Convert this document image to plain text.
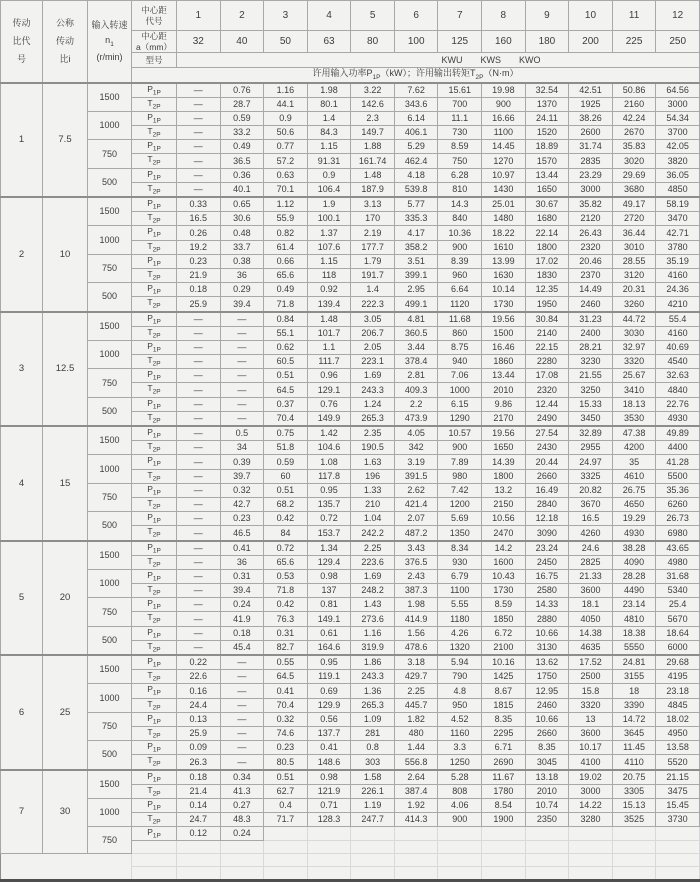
传动
比代
号

公称
传动
比i

输入转速
$n_1$
(r/min)

中心距
代号	1	2	3	4	5	6	7	8	9	10	11	12

			中心距
a（mm）	32	40	50	63	80	100	125	160	180	200	225	250
			型号	KWU　　KWS　　KWO											
			许用输入功率$P_{1P}(kW)$；许用输出转矩$T_{2P}(N\cdot m)$												
1	7.5	1500	$P_{1P}$	—	0.76	1.16	1.98	3.22	7.62	15.61	19.98	32.54	42.51	50.86	64.56
			$T_{2P}$	—	28.7	44.1	80.1	142.6	343.6	700	900	1370	1925	2160	3000
		1000	$P_{1P}$	—	0.59	0.9	1.4	2.3	6.14	11.1	16.66	24.11	38.26	42.24	54.34
			$T_{2P}$	—	33.2	50.6	84.3	149.7	406.1	730	1100	1520	2600	2670	3700
		750	$P_{1P}$	—	0.49	0.77	1.15	1.88	5.29	8.59	14.45	18.89	31.74	35.83	42.05
			$T_{2P}$	—	36.5	57.2	91.31	161.74	462.4	750	1270	1570	2835	3020	3820
		500	$P_{1P}$	—	0.36	0.63	0.9	1.48	4.18	6.28	10.97	13.44	23.29	29.69	36.05
			$T_{2P}$	—	40.1	70.1	106.4	187.9	539.8	810	1430	1650	3000	3680	4850
2	10	1500	$P_{1P}$	0.33	0.65	1.12	1.9	3.13	5.77	14.3	25.01	30.67	35.82	49.17	58.19
			$T_{2P}$	16.5	30.6	55.9	100.1	170	335.3	840	1480	1680	2120	2720	3470
		1000	$P_{1P}$	0.26	0.48	0.82	1.37	2.19	4.17	10.36	18.22	22.14	26.43	36.44	42.71
			$T_{2P}$	19.2	33.7	61.4	107.6	177.7	358.2	900	1610	1800	2320	3010	3780
		750	$P_{1P}$	0.23	0.38	0.66	1.15	1.79	3.51	8.39	13.99	17.02	20.46	28.55	35.19
			$T_{2P}$	21.9	36	65.6	118	191.7	399.1	960	1630	1830	2370	3120	4160
		500	$P_{1P}$	0.18	0.29	0.49	0.92	1.4	2.95	6.64	10.14	12.35	14.49	20.31	24.36
			$T_{2P}$	25.9	39.4	71.8	139.4	222.3	499.1	1120	1730	1950	2460	3260	4210
3	12.5	1500	$P_{1P}$	—	—	0.84	1.48	3.05	4.81	11.68	19.56	30.84	31.23	44.72	55.4
			$T_{2P}$	—	—	55.1	101.7	206.7	360.5	860	1500	2140	2400	3030	4160
		1000	$P_{1P}$	—	—	0.62	1.1	2.05	3.44	8.75	16.46	22.15	28.21	32.97	40.69
			$T_{2P}$	—	—	60.5	111.7	223.1	378.4	940	1860	2280	3230	3320	4540
		750	$P_{1P}$	—	—	0.51	0.96	1.69	2.81	7.06	13.44	17.08	21.55	25.67	32.63
			$T_{2P}$	—	—	64.5	129.1	243.3	409.3	1000	2010	2320	3250	3410	4840
		500	$P_{1P}$	—	—	0.37	0.76	1.24	2.2	6.15	9.86	12.44	15.33	18.13	22.76
			$T_{2P}$	—	—	70.4	149.9	265.3	473.9	1290	2170	2490	3450	3530	4930
4	15	1500	$P_{1P}$	—	0.5	0.75	1.42	2.35	4.05	10.57	19.56	27.54	32.89	47.38	49.89
			$T_{2P}$	—	34	51.8	104.6	190.5	342	900	1650	2430	2955	4200	4400
		1000	$P_{1P}$	—	0.39	0.59	1.08	1.63	3.19	7.89	14.39	20.44	24.97	35	41.28
			$T_{2P}$	—	39.7	60	117.8	196	391.5	980	1800	2660	3325	4610	5500
		750	$P_{1P}$	—	0.32	0.51	0.95	1.33	2.62	7.42	13.2	16.49	20.82	26.75	35.36
			$T_{2P}$	—	42.7	68.2	135.7	210	421.4	1200	2150	2840	3670	4650	6260
		500	$P_{1P}$	—	0.23	0.42	0.72	1.04	2.07	5.69	10.56	12.18	16.5	19.29	26.73
			$T_{2P}$	—	46.5	84	153.7	242.2	487.2	1350	2470	3090	4260	4930	6980
5	20	1500	$P_{1P}$	—	0.41	0.72	1.34	2.25	3.43	8.34	14.2	23.24	24.6	38.28	43.65
			$T_{2P}$	—	36	65.6	129.4	223.6	376.5	930	1600	2450	2825	4090	4980
		1000	$P_{1P}$	—	0.31	0.53	0.98	1.69	2.43	6.79	10.43	16.75	21.33	28.28	31.68
			$T_{2P}$	—	39.4	71.8	137	248.2	387.3	1100	1730	2580	3600	4490	5340
		750	$P_{1P}$	—	0.24	0.42	0.81	1.43	1.98	5.55	8.59	14.33	18.1	23.14	25.4
			$T_{2P}$	—	41.9	76.3	149.1	273.6	414.9	1180	1850	2880	4050	4810	5670
		500	$P_{1P}$	—	0.18	0.31	0.61	1.16	1.56	4.26	6.72	10.66	14.38	18.38	18.64
			$T_{2P}$	—	45.4	82.7	164.6	319.9	478.6	1320	2100	3130	4635	5550	6000
6	25	1500	$P_{1P}$	0.22	—	0.55	0.95	1.86	3.18	5.94	10.16	13.62	17.52	24.81	29.68
			$T_{2P}$	22.6	—	64.5	119.1	243.3	429.7	790	1425	1750	2500	3155	4195
		1000	$P_{1P}$	0.16	—	0.41	0.69	1.36	2.25	4.8	8.67	12.95	15.8	18	23.18
			$T_{2P}$	24.4	—	70.4	129.9	265.3	445.7	950	1815	2460	3320	3390	4845
		750	$P_{1P}$	0.13	—	0.32	0.56	1.09	1.82	4.52	8.35	10.66	13	14.72	18.02
			$T_{2P}$	25.9	—	74.6	137.7	281	480	1160	2295	2660	3600	3645	4950
		500	$P_{1P}$	0.09	—	0.23	0.41	0.8	1.44	3.3	6.71	8.35	10.17	11.45	13.58
			$T_{2P}$	26.3	—	80.5	148.6	303	556.8	1250	2690	3045	4100	4110	5520
7	30	1500	$P_{1P}$	0.18	0.34	0.51	0.98	1.58	2.64	5.28	11.67	13.18	19.02	20.75	21.15
			$T_{2P}$	21.4	41.3	62.7	121.9	226.1	387.4	808	1780	2010	3000	3305	3475
		1000	$P_{1P}$	0.14	0.27	0.4	0.71	1.19	1.92	4.06	8.54	10.74	14.22	15.13	15.45
			$T_{2P}$	24.7	48.3	71.7	128.3	247.7	414.3	900	1900	2350	3280	3525	3730
		750	$P_{1P}$	0.12	0.24										
